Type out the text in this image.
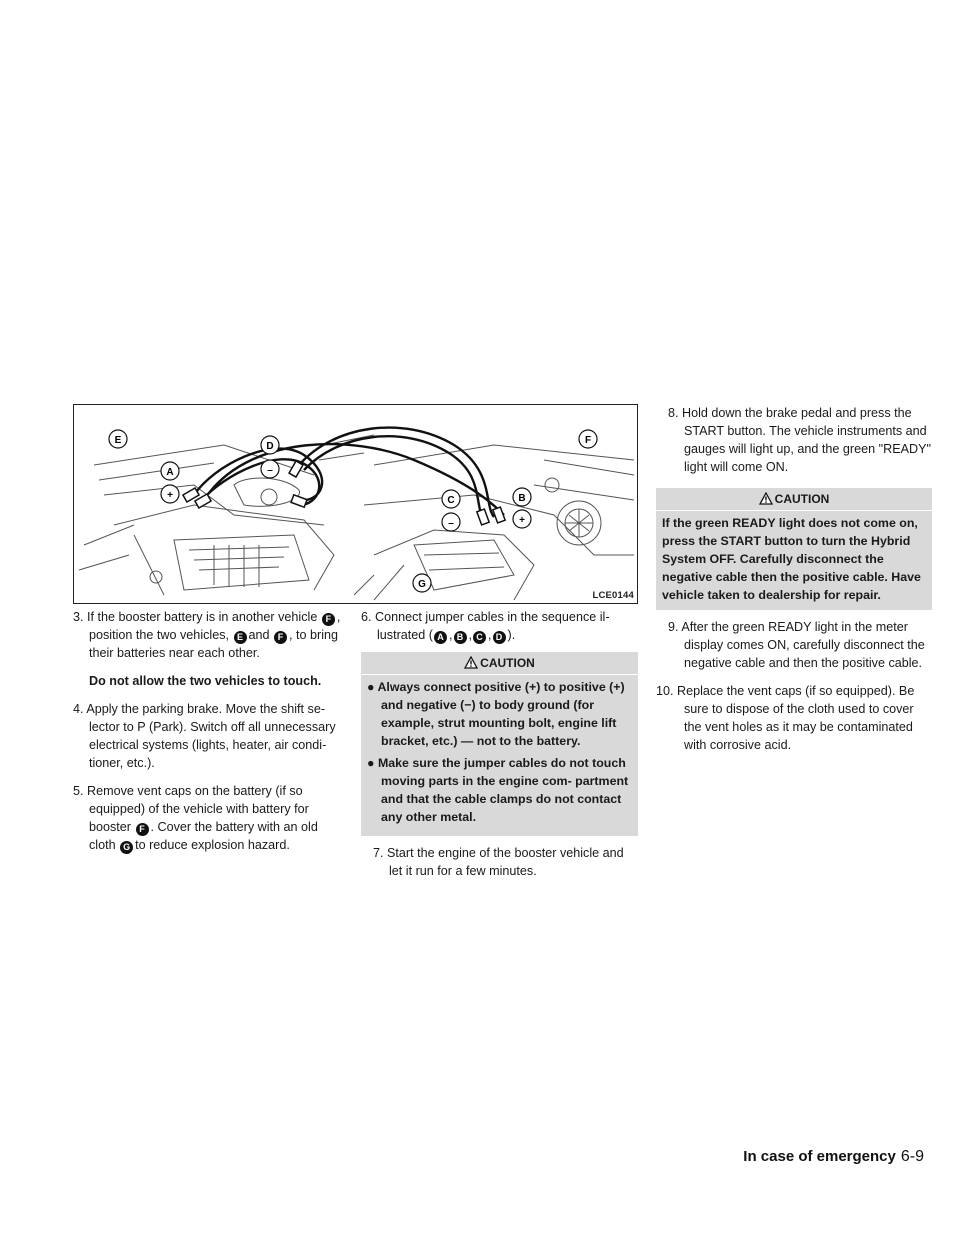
E
A
+
D
–
C
–
B
+
F
G
LCE0144

3. If the booster battery is in another vehicle F , position the two vehicles, E and F , to bring their batteries near each other.

Do not allow the two vehicles to touch.

4. Apply the parking brake. Move the shift se- lector to P (Park). Switch off all unnecessary electrical systems (lights, heater, air condi- tioner, etc.).

5. Remove vent caps on the battery (if so equipped) of the vehicle with battery for booster F . Cover the battery with an old cloth G to reduce explosion hazard.

6. Connect jumper cables in the sequence il- lustrated ( A , B , C , D ).

CAUTION

● Always connect positive (+) to positive (+) and negative (−) to body ground (for example, strut mounting bolt, engine lift bracket, etc.) — not to the battery.

● Make sure the jumper cables do not touch moving parts in the engine com- partment and that the cable clamps do not contact any other metal.

7. Start the engine of the booster vehicle and let it run for a few minutes.

8. Hold down the brake pedal and press the START button. The vehicle instruments and gauges will light up, and the green "READY" light will come ON.

CAUTION
If the green READY light does not come on, press the START button to turn the Hybrid System OFF. Carefully disconnect the negative cable then the positive cable. Have vehicle taken to dealership for repair.

9. After the green READY light in the meter display comes ON, carefully disconnect the negative cable and then the positive cable.

10. Replace the vent caps (if so equipped). Be sure to dispose of the cloth used to cover the vent holes as it may be contaminated with corrosive acid.

In case of emergency 6-9
